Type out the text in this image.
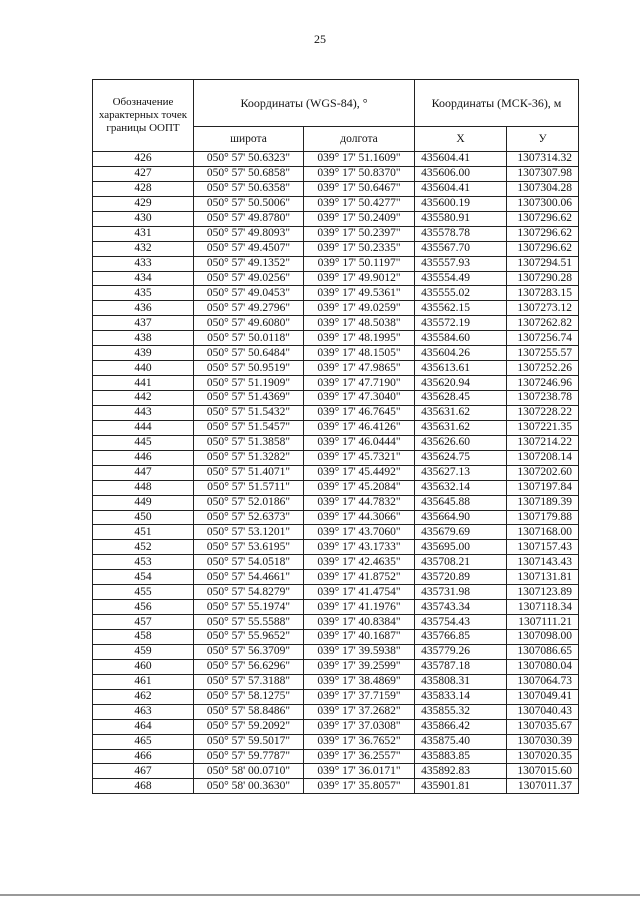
25
Обозначение характерных точек границы ООПТ	Координаты (WGS-84), °		Координаты (МСК-36), м	
	широта	долгота	X	У
426	050° 57' 50.6323"	039° 17' 51.1609"	435604.41	1307314.32
427	050° 57' 50.6858"	039° 17' 50.8370"	435606.00	1307307.98
428	050° 57' 50.6358"	039° 17' 50.6467"	435604.41	1307304.28
429	050° 57' 50.5006"	039° 17' 50.4277"	435600.19	1307300.06
430	050° 57' 49.8780"	039° 17' 50.2409"	435580.91	1307296.62
431	050° 57' 49.8093"	039° 17' 50.2397"	435578.78	1307296.62
432	050° 57' 49.4507"	039° 17' 50.2335"	435567.70	1307296.62
433	050° 57' 49.1352"	039° 17' 50.1197"	435557.93	1307294.51
434	050° 57' 49.0256"	039° 17' 49.9012"	435554.49	1307290.28
435	050° 57' 49.0453"	039° 17' 49.5361"	435555.02	1307283.15
436	050° 57' 49.2796"	039° 17' 49.0259"	435562.15	1307273.12
437	050° 57' 49.6080"	039° 17' 48.5038"	435572.19	1307262.82
438	050° 57' 50.0118"	039° 17' 48.1995"	435584.60	1307256.74
439	050° 57' 50.6484"	039° 17' 48.1505"	435604.26	1307255.57
440	050° 57' 50.9519"	039° 17' 47.9865"	435613.61	1307252.26
441	050° 57' 51.1909"	039° 17' 47.7190"	435620.94	1307246.96
442	050° 57' 51.4369"	039° 17' 47.3040"	435628.45	1307238.78
443	050° 57' 51.5432"	039° 17' 46.7645"	435631.62	1307228.22
444	050° 57' 51.5457"	039° 17' 46.4126"	435631.62	1307221.35
445	050° 57' 51.3858"	039° 17' 46.0444"	435626.60	1307214.22
446	050° 57' 51.3282"	039° 17' 45.7321"	435624.75	1307208.14
447	050° 57' 51.4071"	039° 17' 45.4492"	435627.13	1307202.60
448	050° 57' 51.5711"	039° 17' 45.2084"	435632.14	1307197.84
449	050° 57' 52.0186"	039° 17' 44.7832"	435645.88	1307189.39
450	050° 57' 52.6373"	039° 17' 44.3066"	435664.90	1307179.88
451	050° 57' 53.1201"	039° 17' 43.7060"	435679.69	1307168.00
452	050° 57' 53.6195"	039° 17' 43.1733"	435695.00	1307157.43
453	050° 57' 54.0518"	039° 17' 42.4635"	435708.21	1307143.43
454	050° 57' 54.4661"	039° 17' 41.8752"	435720.89	1307131.81
455	050° 57' 54.8279"	039° 17' 41.4754"	435731.98	1307123.89
456	050° 57' 55.1974"	039° 17' 41.1976"	435743.34	1307118.34
457	050° 57' 55.5588"	039° 17' 40.8384"	435754.43	1307111.21
458	050° 57' 55.9652"	039° 17' 40.1687"	435766.85	1307098.00
459	050° 57' 56.3709"	039° 17' 39.5938"	435779.26	1307086.65
460	050° 57' 56.6296"	039° 17' 39.2599"	435787.18	1307080.04
461	050° 57' 57.3188"	039° 17' 38.4869"	435808.31	1307064.73
462	050° 57' 58.1275"	039° 17' 37.7159"	435833.14	1307049.41
463	050° 57' 58.8486"	039° 17' 37.2682"	435855.32	1307040.43
464	050° 57' 59.2092"	039° 17' 37.0308"	435866.42	1307035.67
465	050° 57' 59.5017"	039° 17' 36.7652"	435875.40	1307030.39
466	050° 57' 59.7787"	039° 17' 36.2557"	435883.85	1307020.35
467	050° 58' 00.0710"	039° 17' 36.0171"	435892.83	1307015.60
468	050° 58' 00.3630"	039° 17' 35.8057"	435901.81	1307011.37
